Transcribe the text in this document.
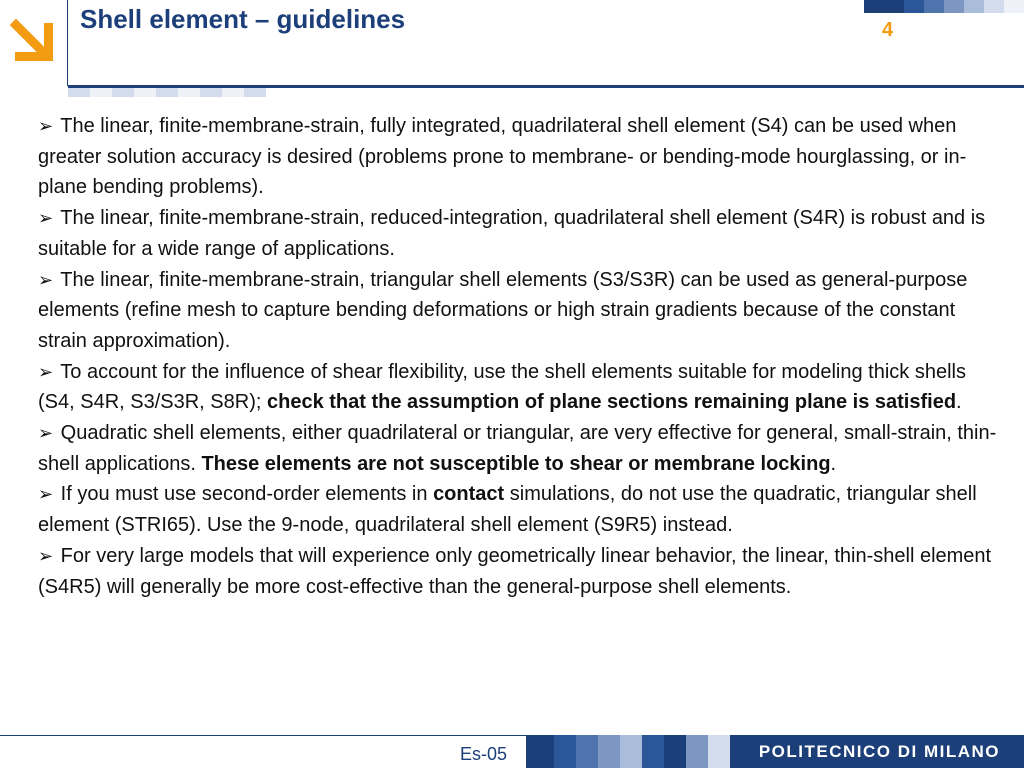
Shell element – guidelines	4

➢ The linear, finite-membrane-strain, fully integrated, quadrilateral shell element (S4) can be used when greater solution accuracy is desired (problems prone to membrane- or bending-mode hourglassing, or in-plane bending problems).

➢ The linear, finite-membrane-strain, reduced-integration, quadrilateral shell element (S4R) is robust and is suitable for a wide range of applications.

➢ The linear, finite-membrane-strain, triangular shell elements (S3/S3R) can be used as general-purpose elements (refine mesh to capture bending deformations or high strain gradients because of the constant strain approximation).

➢ To account for the influence of shear flexibility, use the shell elements suitable for modeling thick shells (S4, S4R, S3/S3R, S8R); check that the assumption of plane sections remaining plane is satisfied.

➢ Quadratic shell elements, either quadrilateral or triangular, are very effective for general, small-strain, thin-shell applications. These elements are not susceptible to shear or membrane locking.

➢ If you must use second-order elements in contact simulations, do not use the quadratic, triangular shell element (STRI65). Use the 9-node, quadrilateral shell element (S9R5) instead.

➢ For very large models that will experience only geometrically linear behavior, the linear, thin-shell element (S4R5) will generally be more cost-effective than the general-purpose shell elements.

Es-05	POLITECNICO DI MILANO
